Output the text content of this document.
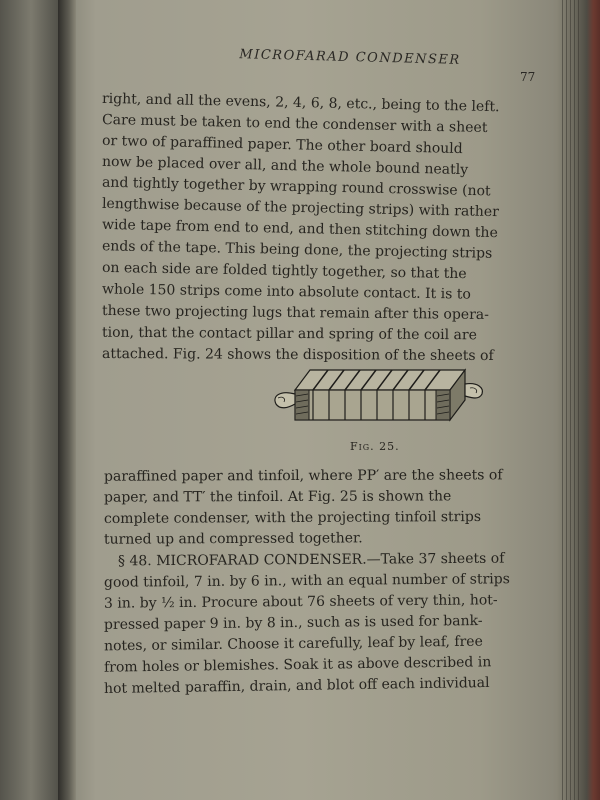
MICROFARAD CONDENSER
77
right, and all the evens, 2, 4, 6, 8, etc., being to the left.
Care must be taken to end the condenser with a sheet
or two of paraffined paper. The other board should
now be placed over all, and the whole bound neatly
and tightly together by wrapping round crosswise (not
lengthwise because of the projecting strips) with rather
wide tape from end to end, and then stitching down the
ends of the tape. This being done, the projecting strips
on each side are folded tightly together, so that the
whole 150 strips come into absolute contact. It is to
these two projecting lugs that remain after this opera-
tion, that the contact pillar and spring of the coil are
attached. Fig. 24 shows the disposition of the sheets of
Fig. 25.
paraffined paper and tinfoil, where PP′ are the sheets of
paper, and TT′ the tinfoil. At Fig. 25 is shown the
complete condenser, with the projecting tinfoil strips
turned up and compressed together.
§ 48. MICROFARAD CONDENSER.—Take 37 sheets of
good tinfoil, 7 in. by 6 in., with an equal number of strips
3 in. by ½ in. Procure about 76 sheets of very thin, hot-
pressed paper 9 in. by 8 in., such as is used for bank-
notes, or similar. Choose it carefully, leaf by leaf, free
from holes or blemishes. Soak it as above described in
hot melted paraffin, drain, and blot off each individual
